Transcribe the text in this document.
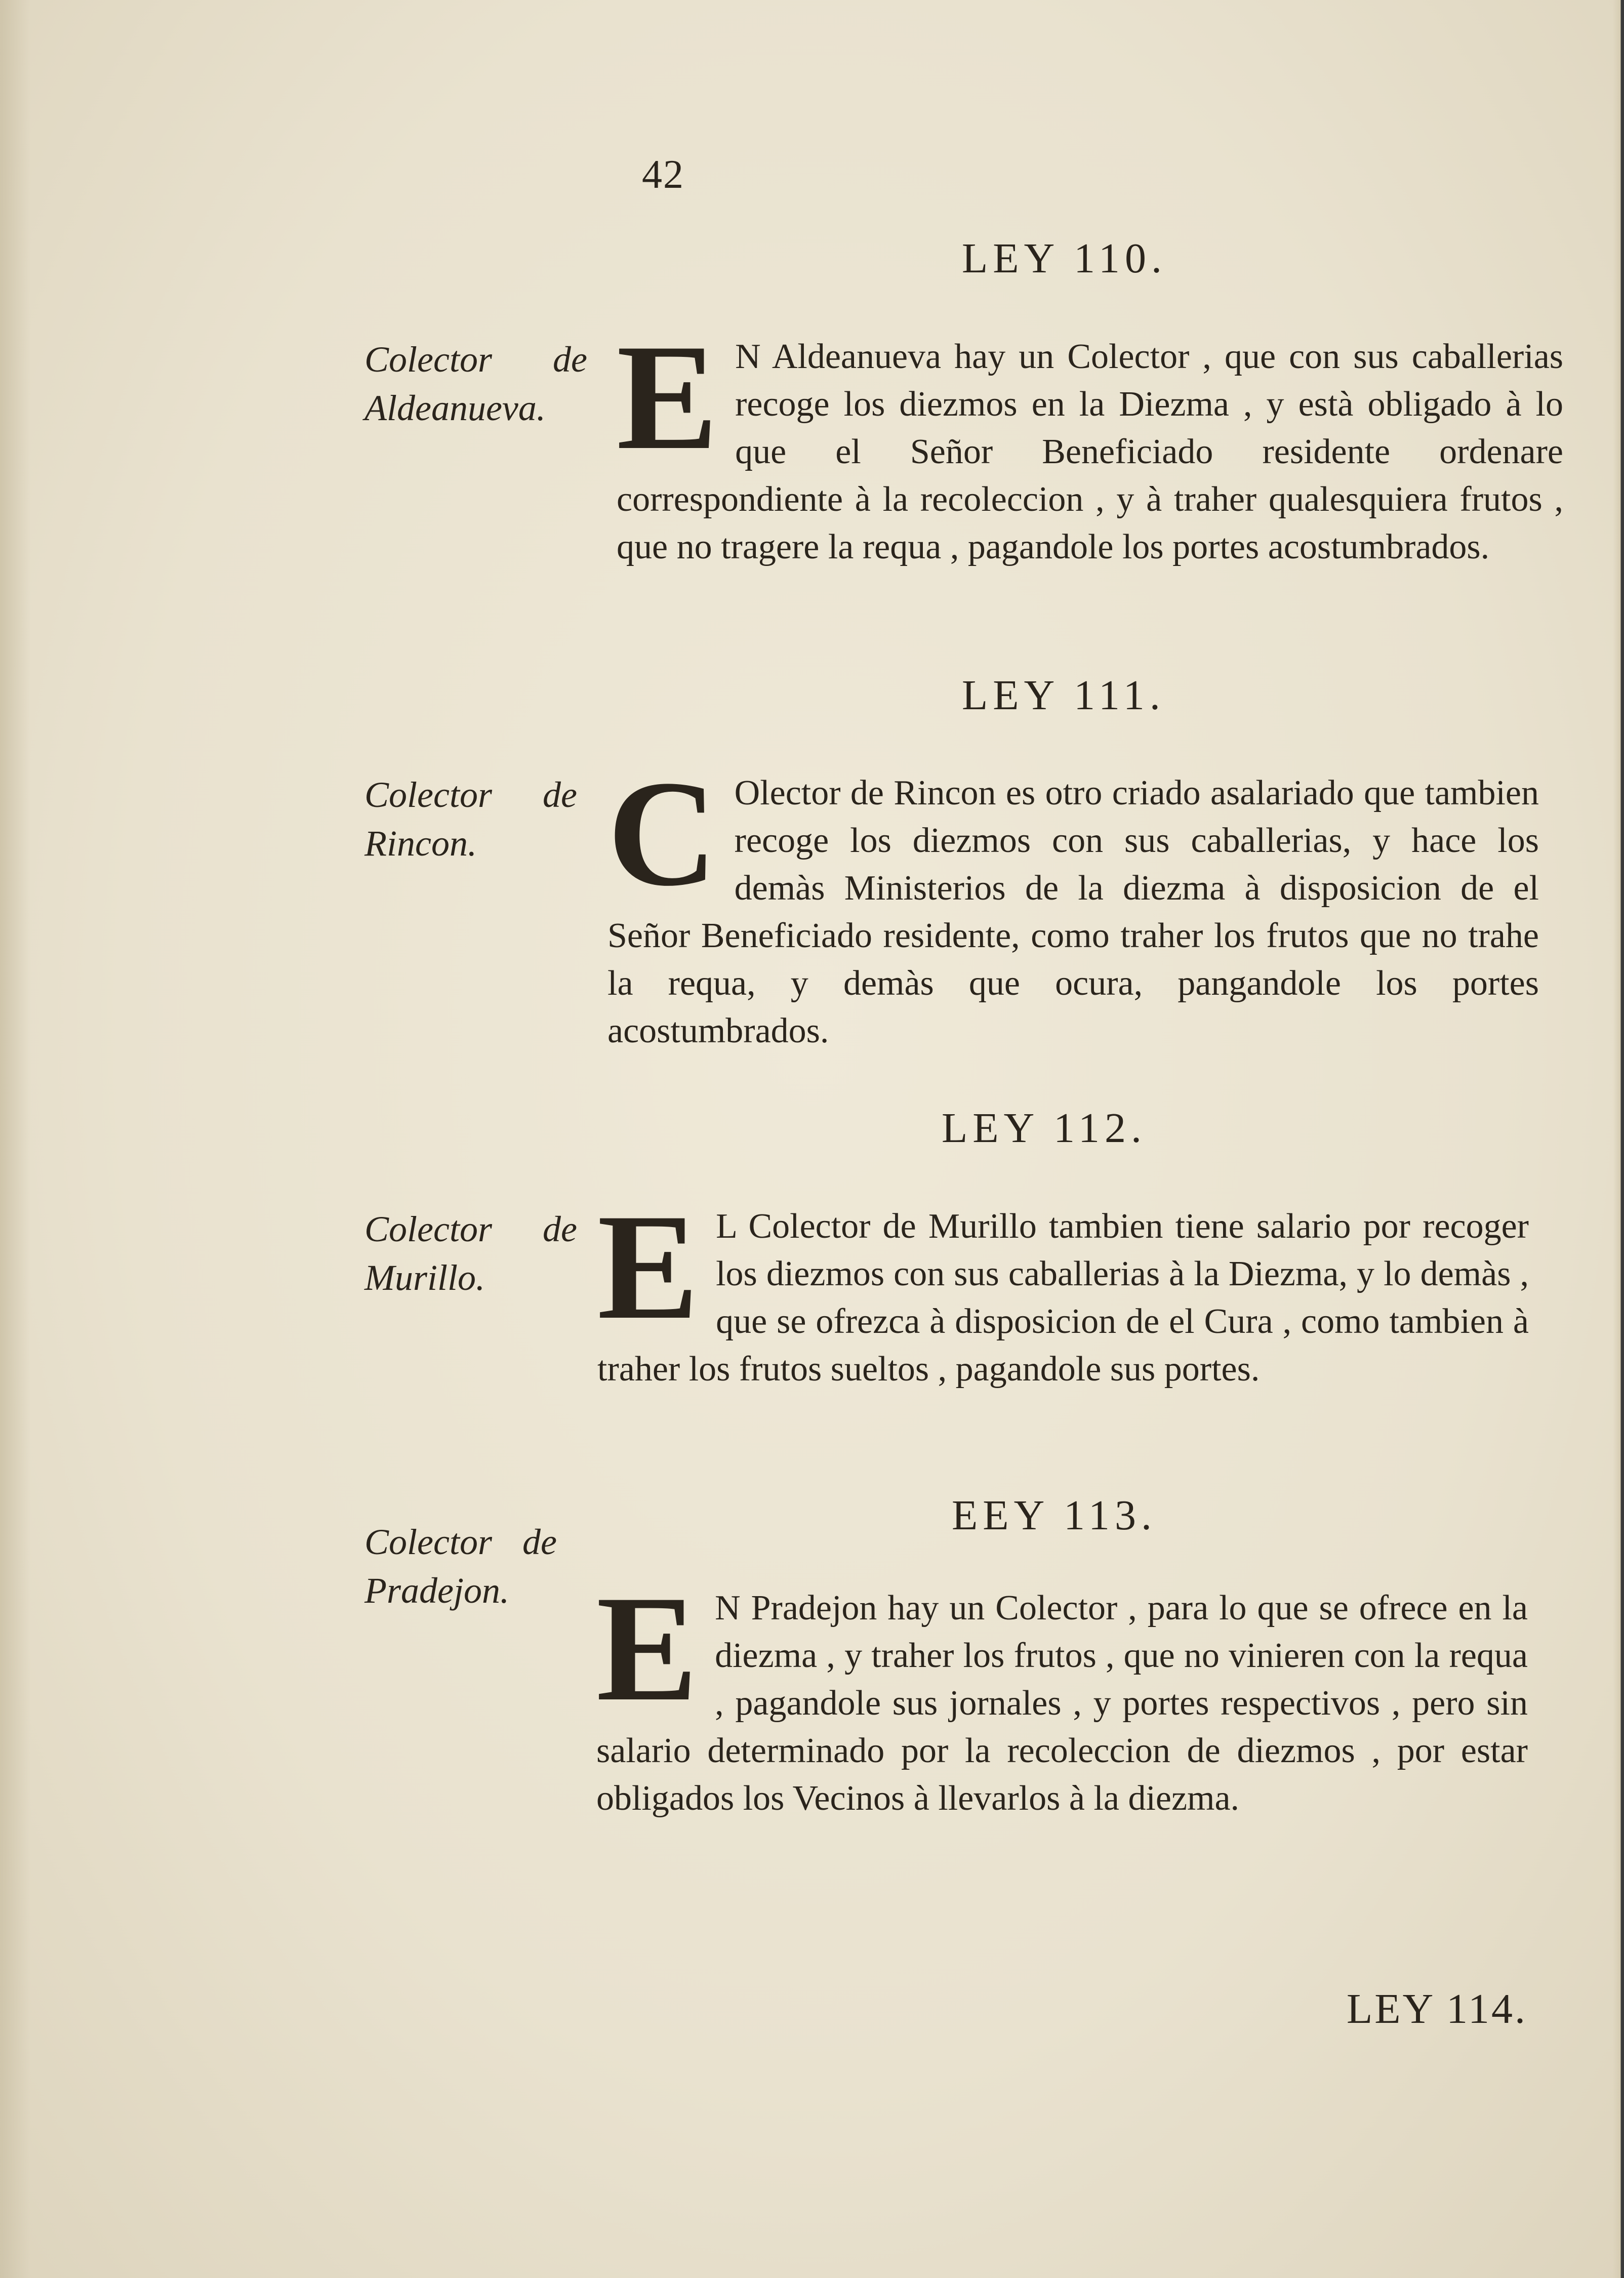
42
LEY 110.
Colector de
Aldeanueva. E N Aldeanueva hay un Colector , que con sus caballerias recoge los diezmos en la Diezma , y està obligado à lo que el Señor Beneficiado residente ordenare correspondiente à la recoleccion , y à traher qualesquiera frutos , que no tragere la requa , pagandole los portes acostumbrados.
LEY 111.
Colector de
Rincon. C Olector de Rincon es otro criado asalariado que tambien recoge los diezmos con sus caballerias, y hace los demàs Ministerios de la diezma à disposicion de el Señor Beneficiado residente, como traher los frutos que no trahe la requa, y demàs que ocura, pangandole los portes acostumbrados.
LEY 112.
Colector de
Murillo. E L Colector de Murillo tambien tiene salario por recoger los diezmos con sus caballerias à la Diezma, y lo demàs , que se ofrezca à disposicion de el Cura , como tambien à traher los frutos sueltos , pagandole sus portes.
EEY 113.
Colector de
Pradejon. E N Pradejon hay un Colector , para lo que se ofrece en la diezma , y traher los frutos , que no vinieren con la requa , pagandole sus jornales , y portes respectivos , pero sin salario determinado por la recoleccion de diezmos , por estar obligados los Vecinos à llevarlos à la diezma.
LEY 114.
